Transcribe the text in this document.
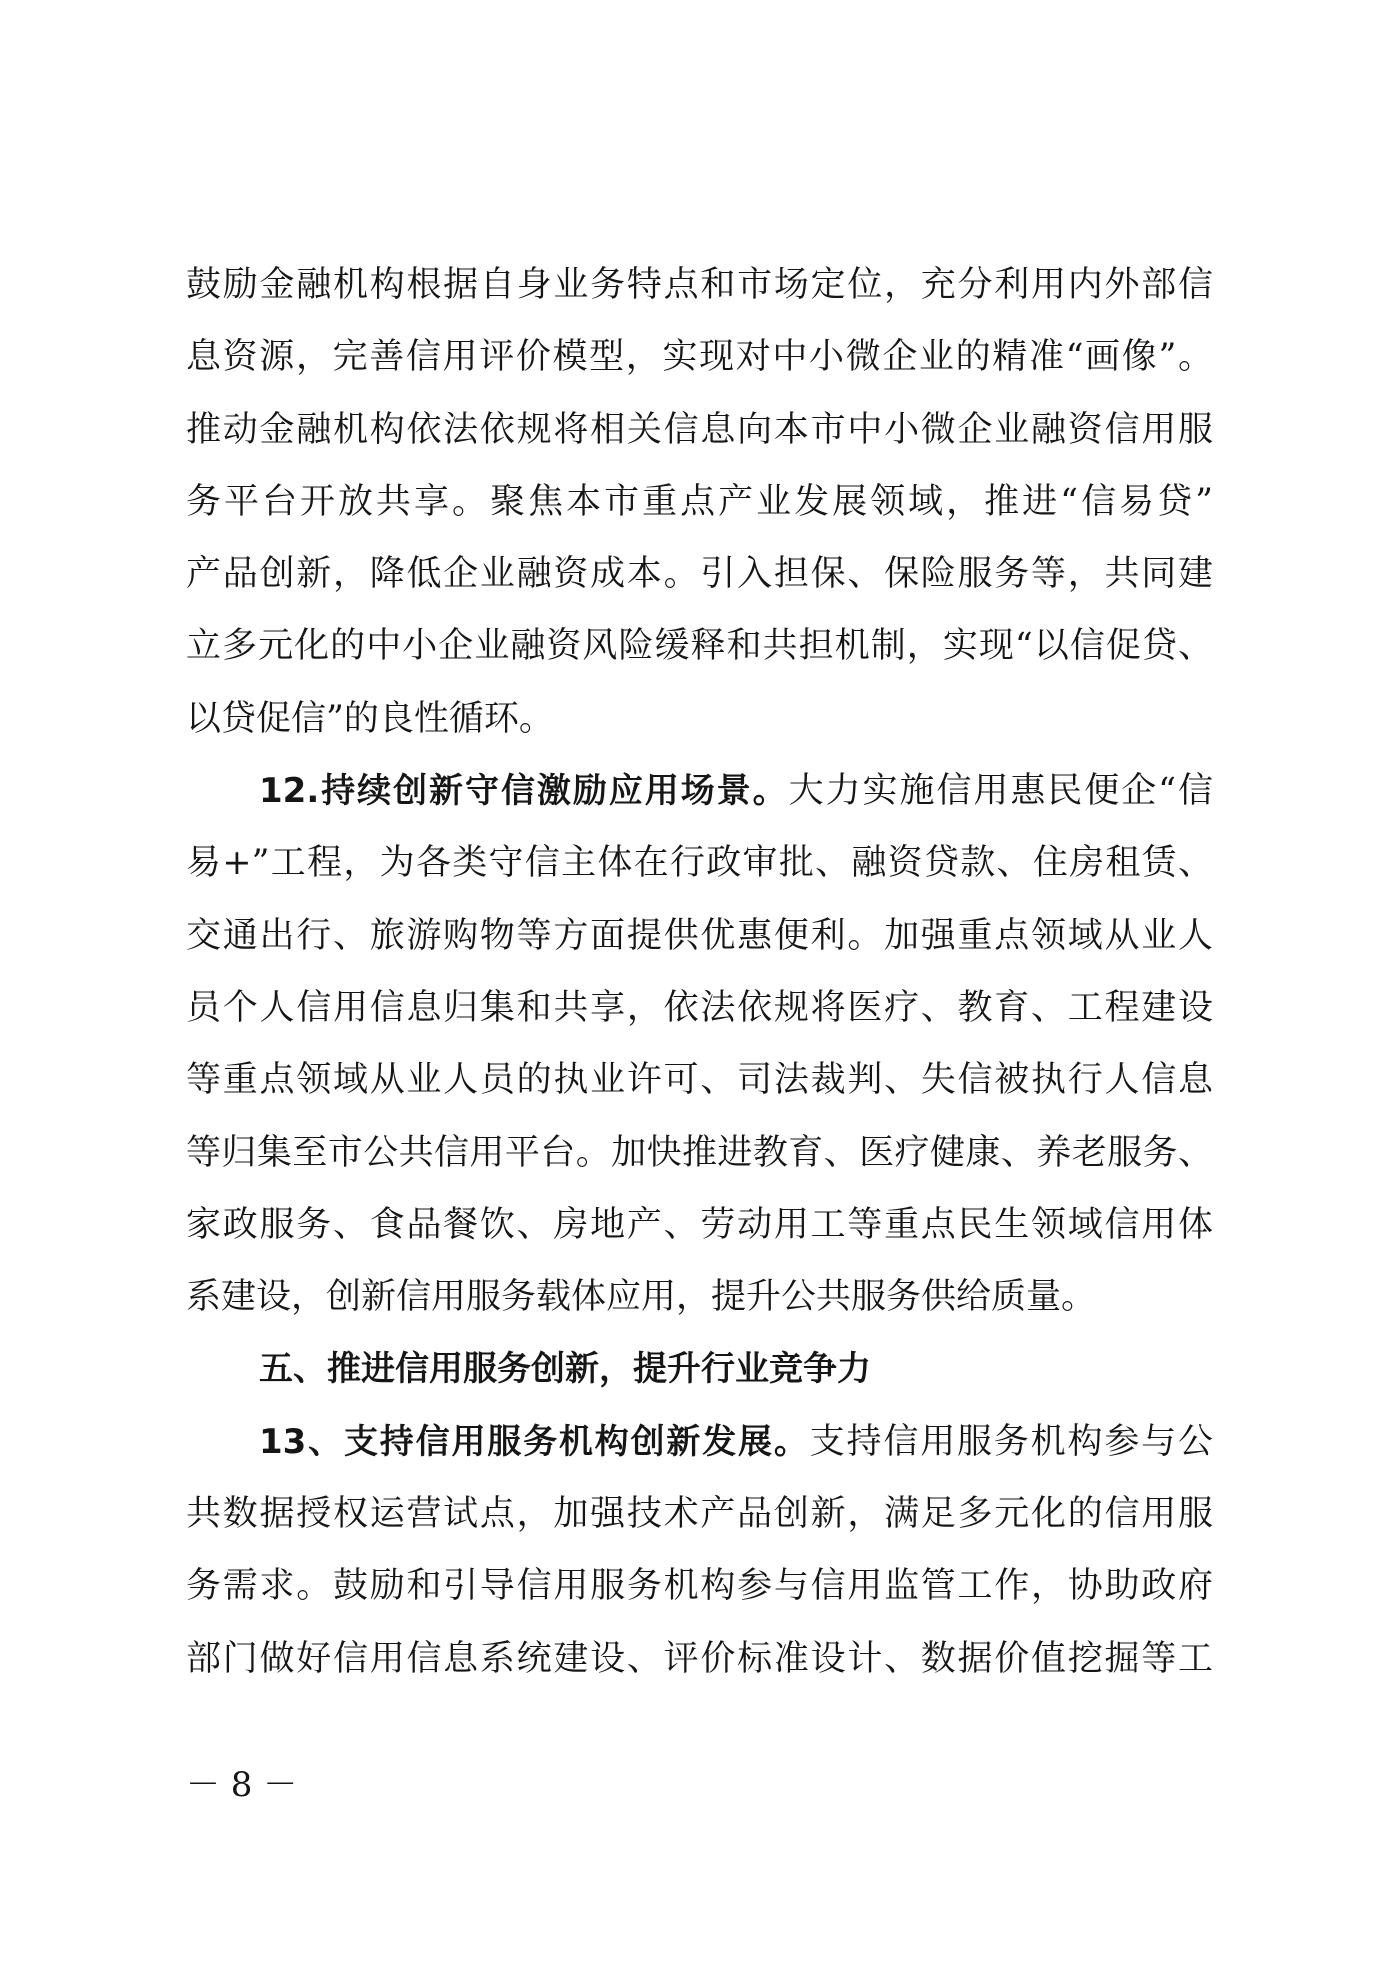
鼓励金融机构根据自身业务特点和市场定位，充分利用内外部信
息资源，完善信用评价模型，实现对中小微企业的精准“画像”。
推动金融机构依法依规将相关信息向本市中小微企业融资信用服
务平台开放共享。聚焦本市重点产业发展领域，推进“信易贷”
产品创新，降低企业融资成本。引入担保、保险服务等，共同建
立多元化的中小企业融资风险缓释和共担机制，实现“以信促贷、
以贷促信”的良性循环。
12.持续创新守信激励应用场景。大力实施信用惠民便企“信
易+”工程，为各类守信主体在行政审批、融资贷款、住房租赁、
交通出行、旅游购物等方面提供优惠便利。加强重点领域从业人
员个人信用信息归集和共享，依法依规将医疗、教育、工程建设
等重点领域从业人员的执业许可、司法裁判、失信被执行人信息
等归集至市公共信用平台。加快推进教育、医疗健康、养老服务、
家政服务、食品餐饮、房地产、劳动用工等重点民生领域信用体
系建设，创新信用服务载体应用，提升公共服务供给质量。
五、推进信用服务创新，提升行业竞争力
13、支持信用服务机构创新发展。支持信用服务机构参与公
共数据授权运营试点，加强技术产品创新，满足多元化的信用服
务需求。鼓励和引导信用服务机构参与信用监管工作，协助政府
部门做好信用信息系统建设、评价标准设计、数据价值挖掘等工
－ 8 －
